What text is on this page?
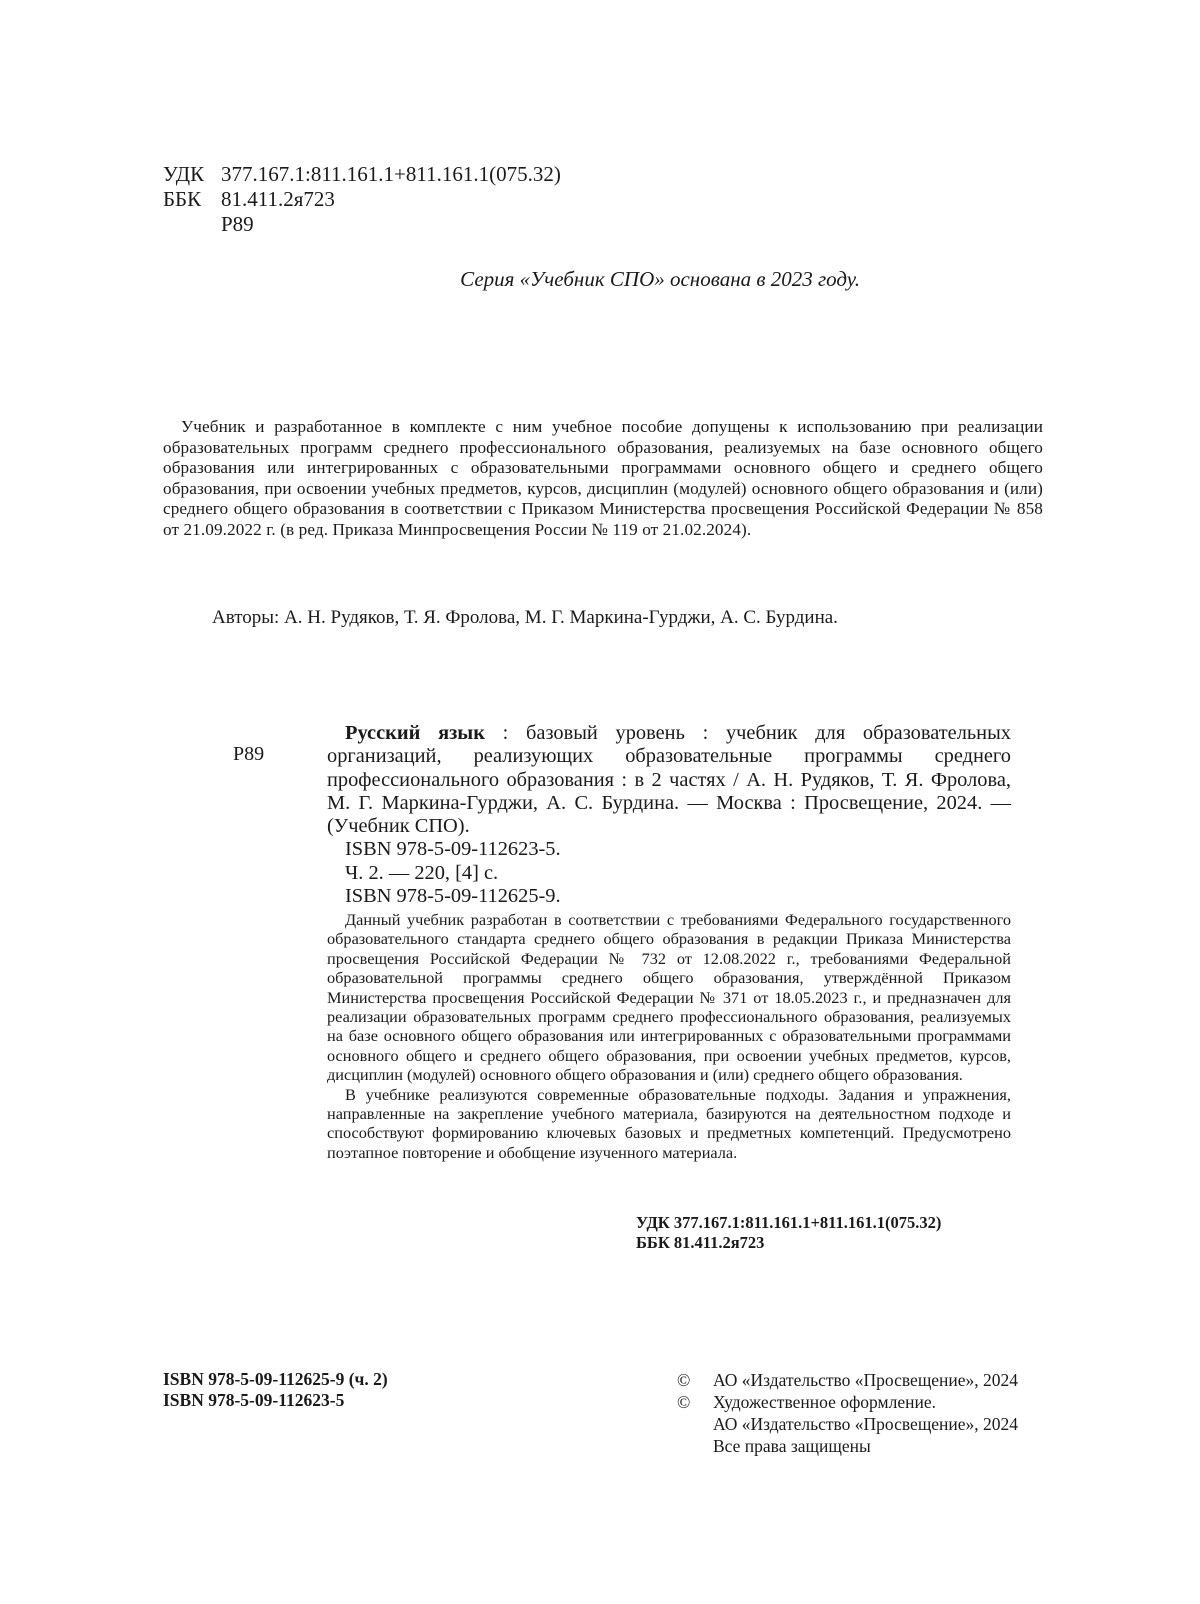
УДК 377.167.1:811.161.1+811.161.1(075.32)
ББК 81.411.2я723
Р89
Серия «Учебник СПО» основана в 2023 году.
Учебник и разработанное в комплекте с ним учебное пособие допущены к использованию при реализации образовательных программ среднего профессионального образования, реализуемых на базе основного общего образования или интегрированных с образовательными программами основного общего и среднего общего образования, при освоении учебных предметов, курсов, дисциплин (модулей) основного общего образования и (или) среднего общего образования в соответствии с Приказом Министерства просвещения Российской Федерации № 858 от 21.09.2022 г. (в ред. Приказа Минпросвещения России № 119 от 21.02.2024).
Авторы: А. Н. Рудяков, Т. Я. Фролова, М. Г. Маркина-Гурджи, А. С. Бурдина.
Р89
Русский язык : базовый уровень : учебник для образовательных организаций, реализующих образовательные программы среднего профессионального образования : в 2 частях / А. Н. Рудяков, Т. Я. Фролова, М. Г. Маркина-Гурджи, А. С. Бурдина. — Москва : Просвещение, 2024. — (Учебник СПО).
ISBN 978-5-09-112623-5.
Ч. 2. — 220, [4] с.
ISBN 978-5-09-112625-9.

Данный учебник разработан в соответствии с требованиями Федерального государственного образовательного стандарта среднего общего образования в редакции Приказа Министерства просвещения Российской Федерации № 732 от 12.08.2022 г., требованиями Федеральной образовательной программы среднего общего образования, утверждённой Приказом Министерства просвещения Российской Федерации № 371 от 18.05.2023 г., и предназначен для реализации образовательных программ среднего профессионального образования, реализуемых на базе основного общего образования или интегрированных с образовательными программами основного общего и среднего общего образования, при освоении учебных предметов, курсов, дисциплин (модулей) основного общего образования и (или) среднего общего образования.

В учебнике реализуются современные образовательные подходы. Задания и упражнения, направленные на закрепление учебного материала, базируются на деятельностном подходе и способствуют формированию ключевых базовых и предметных компетенций. Предусмотрено поэтапное повторение и обобщение изученного материала.

УДК 377.167.1:811.161.1+811.161.1(075.32)
ББК 81.411.2я723
ISBN 978-5-09-112625-9 (ч. 2)
ISBN 978-5-09-112623-5
©	АО «Издательство «Просвещение», 2024
©	Художественное оформление.
АО «Издательство «Просвещение», 2024
Все права защищены
